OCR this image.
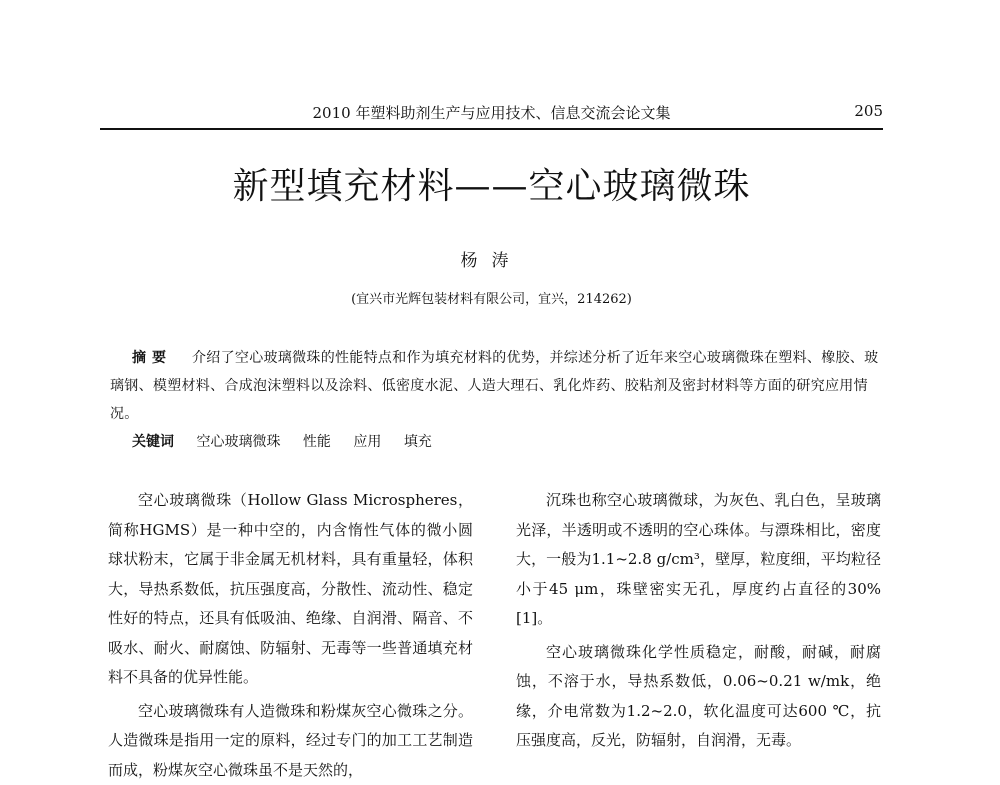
2010 年塑料助剂生产与应用技术、信息交流会论文集	205
新型填充材料——空心玻璃微珠
杨涛
(宜兴市光辉包装材料有限公司，宜兴，214262)
摘要 介绍了空心玻璃微珠的性能特点和作为填充材料的优势，并综述分析了近年来空心玻璃微珠在塑料、橡胶、玻璃钢、模塑材料、合成泡沫塑料以及涂料、低密度水泥、人造大理石、乳化炸药、胶粘剂及密封材料等方面的研究应用情况。
关键词 空心玻璃微珠 性能 应用 填充

空心玻璃微珠（Hollow Glass Microspheres，简称HGMS）是一种中空的，内含惰性气体的微小圆球状粉末，它属于非金属无机材料，具有重量轻，体积大，导热系数低，抗压强度高，分散性、流动性、稳定性好的特点，还具有低吸油、绝缘、自润滑、隔音、不吸水、耐火、耐腐蚀、防辐射、无毒等一些普通填充材料不具备的优异性能。

空心玻璃微珠有人造微珠和粉煤灰空心微珠之分。人造微珠是指用一定的原料，经过专门的加工工艺制造而成，粉煤灰空心微珠虽不是天然的，

沉珠也称空心玻璃微球，为灰色、乳白色，呈玻璃光泽，半透明或不透明的空心珠体。与漂珠相比，密度大，一般为1.1~2.8 g/cm³，壁厚，粒度细，平均粒径小于45 μm，珠壁密实无孔，厚度约占直径的30%[1]。

空心玻璃微珠化学性质稳定，耐酸，耐碱，耐腐蚀，不溶于水，导热系数低，0.06~0.21 w/mk，绝缘，介电常数为1.2~2.0，软化温度可达600 ℃，抗压强度高，反光，防辐射，自润滑，无毒。
